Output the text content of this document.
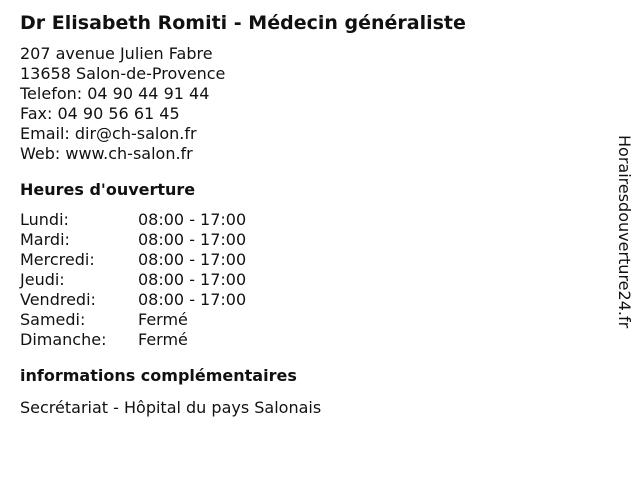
Dr Elisabeth Romiti - Médecin généraliste
207 avenue Julien Fabre
13658 Salon-de-Provence
Telefon: 04 90 44 91 44
Fax: 04 90 56 61 45
Email: dir@ch-salon.fr
Web: www.ch-salon.fr
Heures d'ouverture
Lundi:	08:00 - 17:00
Mardi:	08:00 - 17:00
Mercredi:	08:00 - 17:00
Jeudi:	08:00 - 17:00
Vendredi:	08:00 - 17:00
Samedi:	Fermé
Dimanche:	Fermé
informations complémentaires
Secrétariat - Hôpital du pays Salonais
Horairesdouverture24.fr
